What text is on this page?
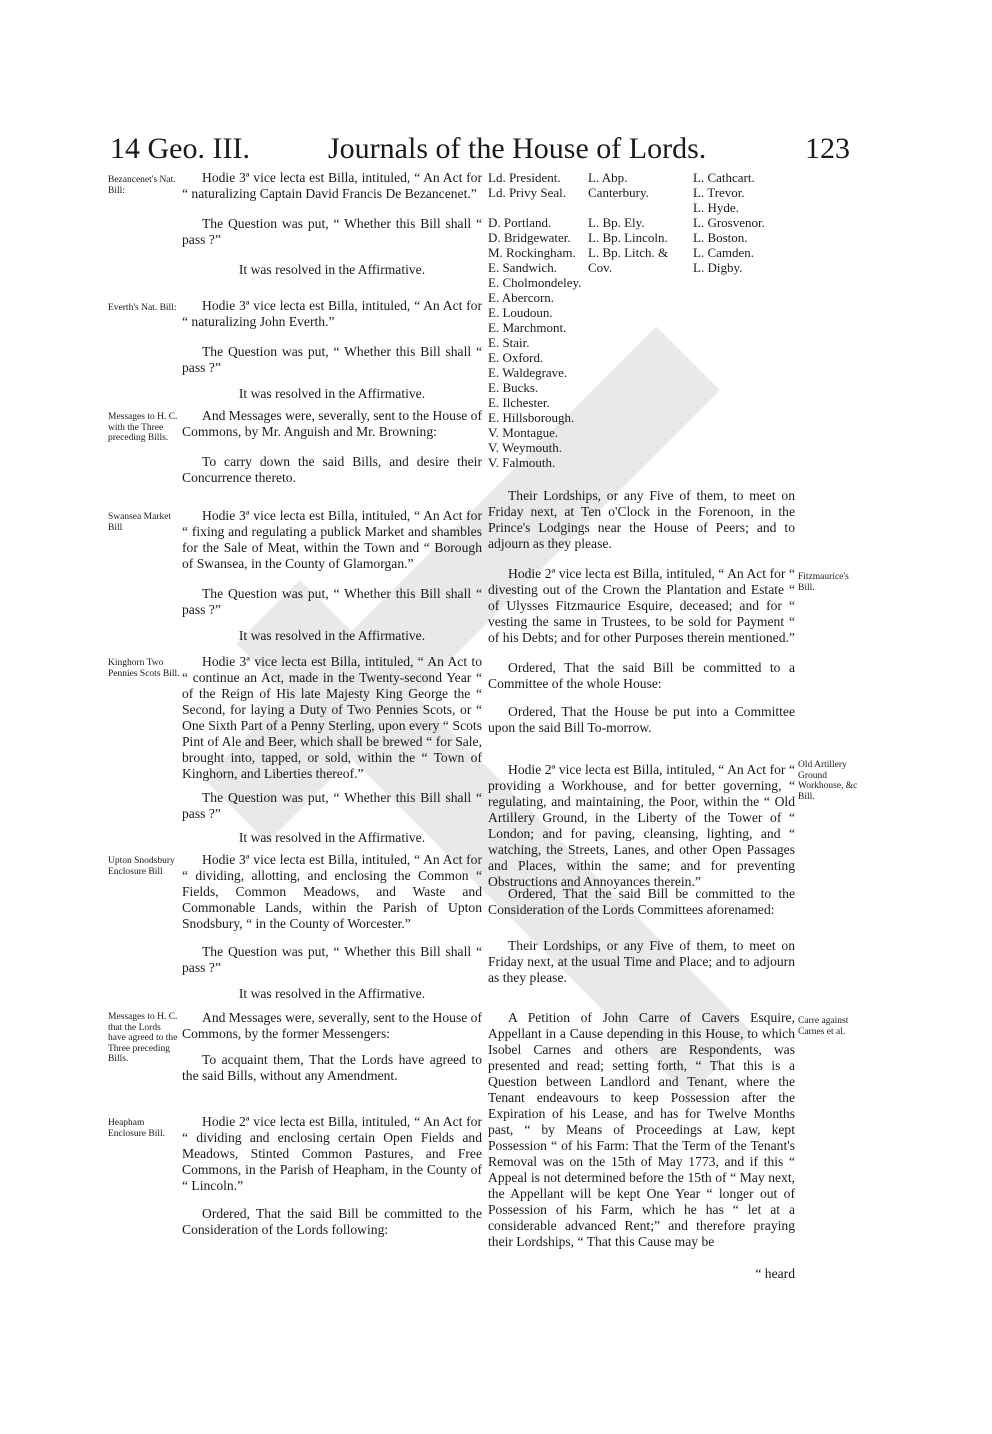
14 Geo. III.	Journals of the House of Lords.	123
Bezancenet's Nat. Bill:
Everth's Nat. Bill:
Messages to H. C. with the Three preceding Bills.
Swansea Market Bill
Kinghorn Two Pennies Scots Bill.
Upton Snodsbury Enclosure Bill
Messages to H. C. that the Lords have agreed to the Three preceding Bills.
Heapham Enclosure Bill.

Hodie 3ª vice lecta est Billa, intituled, “ An Act for “ naturalizing Captain David Francis De Bezancenet.”

The Question was put, “ Whether this Bill shall “ pass ?”

It was resolved in the Affirmative.

Hodie 3ª vice lecta est Billa, intituled, “ An Act for “ naturalizing John Everth.”

The Question was put, “ Whether this Bill shall “ pass ?”

It was resolved in the Affirmative.

And Messages were, severally, sent to the House of Commons, by Mr. Anguish and Mr. Browning:

To carry down the said Bills, and desire their Concurrence thereto.

Hodie 3ª vice lecta est Billa, intituled, “ An Act for “ fixing and regulating a publick Market and shambles for the Sale of Meat, within the Town and “ Borough of Swansea, in the County of Glamorgan.”

The Question was put, “ Whether this Bill shall “ pass ?”

It was resolved in the Affirmative.

Hodie 3ª vice lecta est Billa, intituled, “ An Act to “ continue an Act, made in the Twenty-second Year “ of the Reign of His late Majesty King George the “ Second, for laying a Duty of Two Pennies Scots, or “ One Sixth Part of a Penny Sterling, upon every “ Scots Pint of Ale and Beer, which shall be brewed “ for Sale, brought into, tapped, or sold, within the “ Town of Kinghorn, and Liberties thereof.”

The Question was put, “ Whether this Bill shall “ pass ?”

It was resolved in the Affirmative.

Hodie 3ª vice lecta est Billa, intituled, “ An Act for “ dividing, allotting, and enclosing the Common “ Fields, Common Meadows, and Waste and Commonable Lands, within the Parish of Upton Snodsbury, “ in the County of Worcester.”

The Question was put, “ Whether this Bill shall “ pass ?”

It was resolved in the Affirmative.

And Messages were, severally, sent to the House of Commons, by the former Messengers:

To acquaint them, That the Lords have agreed to the said Bills, without any Amendment.

Hodie 2ª vice lecta est Billa, intituled, “ An Act for “ dividing and enclosing certain Open Fields and Meadows, Stinted Common Pastures, and Free Commons, in the Parish of Heapham, in the County of “ Lincoln.”

Ordered, That the said Bill be committed to the Consideration of the Lords following:

Ld. President.
Ld. Privy Seal.

D. Portland.
D. Bridgewater.
M. Rockingham.
E. Sandwich.
E. Cholmondeley.
E. Abercorn.
E. Loudoun.
E. Marchmont.
E. Stair.
E. Oxford.
E. Waldegrave.
E. Bucks.
E. Ilchester.
E. Hillsborough.
V. Montague.
V. Weymouth.
V. Falmouth.
L. Abp. Canterbury.

L. Bp. Ely.
L. Bp. Lincoln.
L. Bp. Litch. & Cov.
L. Cathcart.
L. Trevor.
L. Hyde.
L. Grosvenor.
L. Boston.
L. Camden.
L. Digby.
Fitzmaurice's Bill.
Old Artillery Ground Workhouse, &c Bill.
Carre against Carnes et al.

Their Lordships, or any Five of them, to meet on Friday next, at Ten o'Clock in the Forenoon, in the Prince's Lodgings near the House of Peers; and to adjourn as they please.

Hodie 2ª vice lecta est Billa, intituled, “ An Act for “ divesting out of the Crown the Plantation and Estate “ of Ulysses Fitzmaurice Esquire, deceased; and for “ vesting the same in Trustees, to be sold for Payment “ of his Debts; and for other Purposes therein mentioned.”

Ordered, That the said Bill be committed to a Committee of the whole House:

Ordered, That the House be put into a Committee upon the said Bill To-morrow.

Hodie 2ª vice lecta est Billa, intituled, “ An Act for “ providing a Workhouse, and for better governing, “ regulating, and maintaining, the Poor, within the “ Old Artillery Ground, in the Liberty of the Tower of “ London; and for paving, cleansing, lighting, and “ watching, the Streets, Lanes, and other Open Passages and Places, within the same; and for preventing Obstructions and Annoyances therein.”

Ordered, That the said Bill be committed to the Consideration of the Lords Committees aforenamed:

Their Lordships, or any Five of them, to meet on Friday next, at the usual Time and Place; and to adjourn as they please.

A Petition of John Carre of Cavers Esquire, Appellant in a Cause depending in this House, to which Isobel Carnes and others are Respondents, was presented and read; setting forth, “ That this is a Question between Landlord and Tenant, where the Tenant endeavours to keep Possession after the Expiration of his Lease, and has for Twelve Months past, “ by Means of Proceedings at Law, kept Possession “ of his Farm: That the Term of the Tenant's Removal was on the 15th of May 1773, and if this “ Appeal is not determined before the 15th of “ May next, the Appellant will be kept One Year “ longer out of Possession of his Farm, which he has “ let at a considerable advanced Rent;” and therefore praying their Lordships, “ That this Cause may be

“ heard
